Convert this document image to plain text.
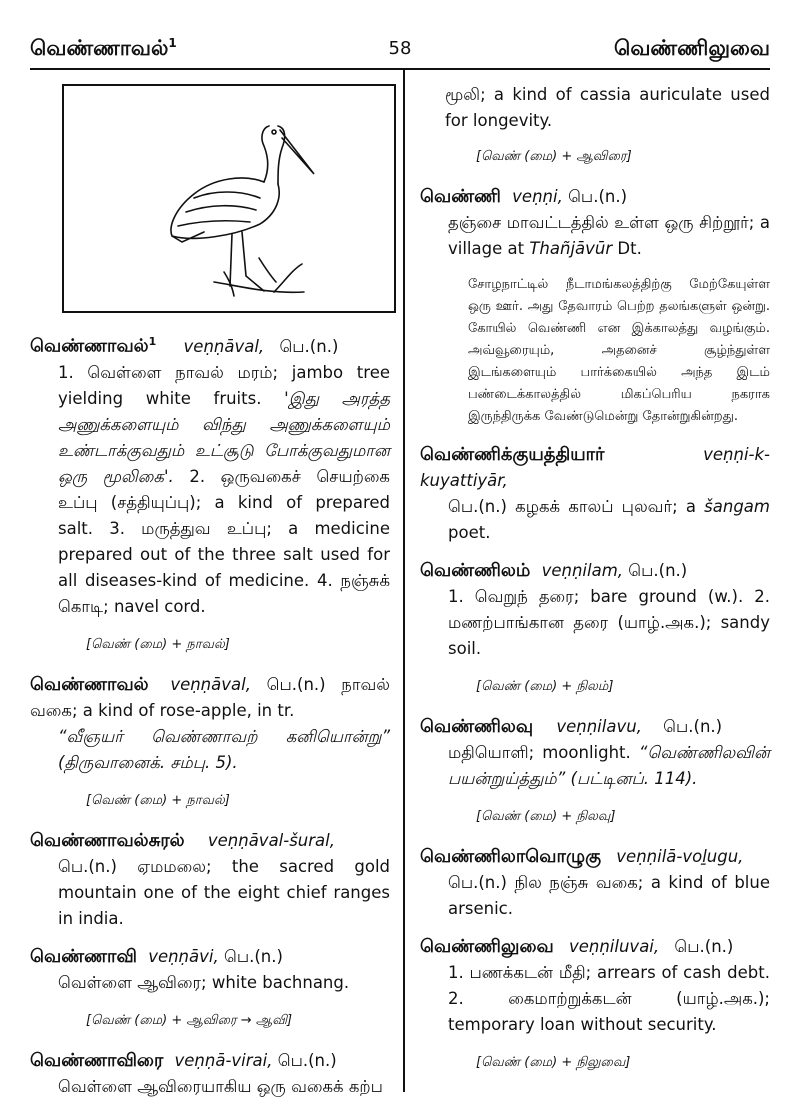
வெண்ணாவல்$^1$	58	வெண்ணிலுவை
வெண்ணாவல்$^1$ veṇṇāval, பெ.(n.)
1. வெள்ளை நாவல் மரம்; jambo tree yielding white fruits. 'இது அரத்த அணுக்களையும் விந்து அணுக்களையும் உண்டாக்குவதும் உட்சூடு போக்குவதுமான ஒரு மூலிகை'. 2. ஒருவகைச் செயற்கை உப்பு (சத்தியுப்பு); a kind of prepared salt. 3. மருத்துவ உப்பு; a medicine prepared out of the three salt used for all diseases-kind of medicine. 4. நஞ்சுக் கொடி; navel cord.
[வெண் (மை) + நாவல்]
வெண்ணாவல் veṇṇāval, பெ.(n.) நாவல் வகை; a kind of rose-apple, in tr.
“வீஞயர் வெண்ணாவற் கனியொன்று” (திருவானைக். சம்பு. 5).
[வெண் (மை) + நாவல்]
வெண்ணாவல்சுரல் veṇṇāval-šural,
பெ.(n.) ஏமமலை; the sacred gold mountain one of the eight chief ranges in india.
வெண்ணாவி veṇṇāvi, பெ.(n.)
வெள்ளை ஆவிரை; white bachnang.
[வெண் (மை) + ஆவிரை → ஆவி]
வெண்ணாவிரை veṇṇā-virai, பெ.(n.)
வெள்ளை ஆவிரையாகிய ஒரு வகைக் கற்ப
மூலி; a kind of cassia auriculate used for longevity.
[வெண் (மை) + ஆவிரை]
வெண்ணி veṇṇi, பெ.(n.)
தஞ்சை மாவட்டத்தில் உள்ள ஒரு சிற்றூர்; a village at Thañjāvūr Dt.
சோழநாட்டில் நீடாமங்கலத்திற்கு மேற்கேயுள்ள ஒரு ஊர். அது தேவாரம் பெற்ற தலங்களுள் ஒன்று. கோயில் வெண்ணி என இக்காலத்து வழங்கும். அவ்வூரையும், அதனைச் சூழ்ந்துள்ள இடங்களையும் பார்க்கையில் அந்த இடம் பண்டைக்காலத்தில் மிகப்பெரிய நகராக இருந்திருக்க வேண்டுமென்று தோன்றுகின்றது.
வெண்ணிக்குயத்தியார்	veṇṇi-k-kuyattiyār,
பெ.(n.) கழகக் காலப் புலவர்; a šangam poet.
வெண்ணிலம் veṇṇilam, பெ.(n.)
1. வெறுந் தரை; bare ground (w.). 2. மணற்பாங்கான தரை (யாழ்.அக.); sandy soil.
[வெண் (மை) + நிலம்]
வெண்ணிலவு veṇṇilavu, பெ.(n.)
மதியொளி; moonlight. “வெண்ணிலவின் பயன்றுய்த்தும்” (பட்டினப். 114).
[வெண் (மை) + நிலவு]
வெண்ணிலாவொழுகு veṇṇilā-voḻugu,
பெ.(n.) நில நஞ்சு வகை; a kind of blue arsenic.
வெண்ணிலுவை veṇṇiluvai, பெ.(n.)
1. பணக்கடன் மீதி; arrears of cash debt. 2. கைமாற்றுக்கடன் (யாழ்.அக.); temporary loan without security.
[வெண் (மை) + நிலுவை]
